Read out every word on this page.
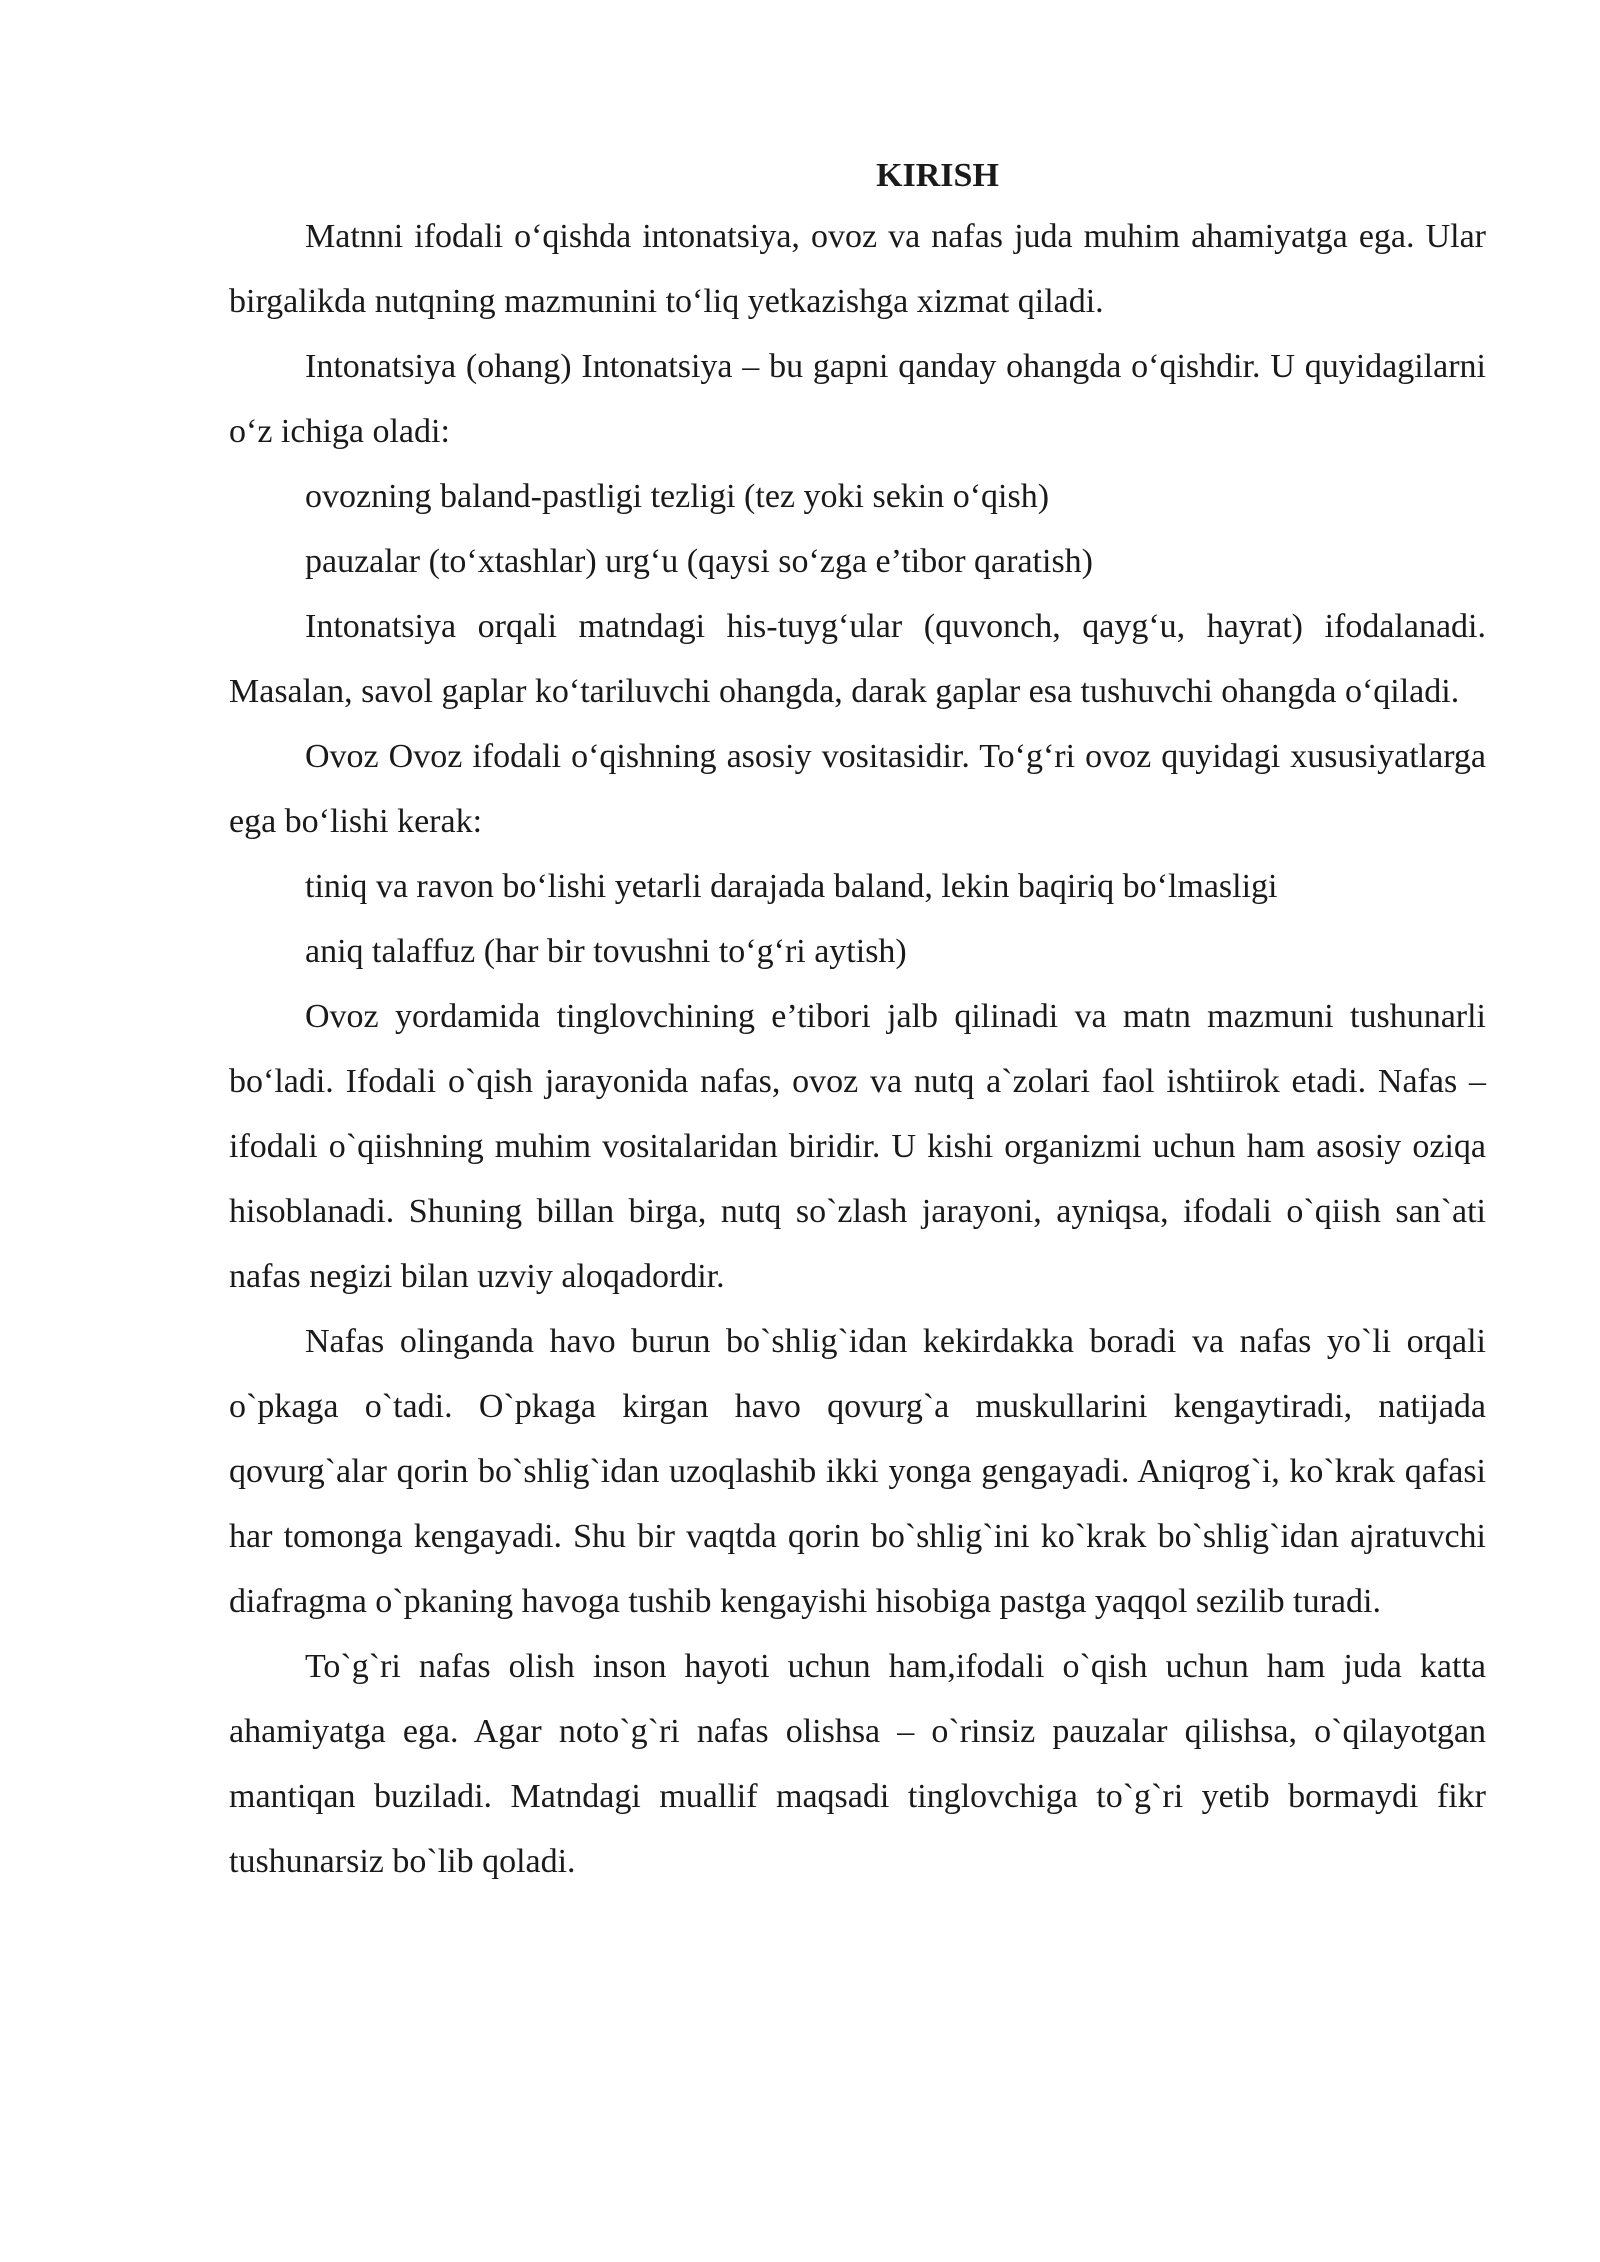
KIRISH

Matnni ifodali o‘qishda intonatsiya, ovoz va nafas juda muhim ahamiyatga ega. Ular birgalikda nutqning mazmunini to‘liq yetkazishga xizmat qiladi.

Intonatsiya (ohang) Intonatsiya – bu gapni qanday ohangda o‘qishdir. U quyidagilarni o‘z ichiga oladi:

ovozning baland-pastligi tezligi (tez yoki sekin o‘qish)

pauzalar (to‘xtashlar) urg‘u (qaysi so‘zga e’tibor qaratish)

Intonatsiya orqali matndagi his-tuyg‘ular (quvonch, qayg‘u, hayrat) ifodalanadi. Masalan, savol gaplar ko‘tariluvchi ohangda, darak gaplar esa tushuvchi ohangda o‘qiladi.

Ovoz Ovoz ifodali o‘qishning asosiy vositasidir. To‘g‘ri ovoz quyidagi xususiyatlarga ega bo‘lishi kerak:

tiniq va ravon bo‘lishi yetarli darajada baland, lekin baqiriq bo‘lmasligi

aniq talaffuz (har bir tovushni to‘g‘ri aytish)

Ovoz yordamida tinglovchining e’tibori jalb qilinadi va matn mazmuni tushunarli bo‘ladi. Ifodali o`qish jarayonida nafas, ovoz va nutq a`zolari faol ishtiirok etadi. Nafas – ifodali o`qiishning muhim vositalaridan biridir. U kishi organizmi uchun ham asosiy oziqa hisoblanadi. Shuning billan birga, nutq so`zlash jarayoni, ayniqsa, ifodali o`qiish san`ati nafas negizi bilan uzviy aloqadordir.

Nafas olinganda havo burun bo`shlig`idan kekirdakka boradi va nafas yo`li orqali o`pkaga o`tadi. O`pkaga kirgan havo qovurg`a muskullarini kengaytiradi, natijada qovurg`alar qorin bo`shlig`idan uzoqlashib ikki yonga gengayadi. Aniqrog`i, ko`krak qafasi har tomonga kengayadi. Shu bir vaqtda qorin bo`shlig`ini ko`krak bo`shlig`idan ajratuvchi diafragma o`pkaning havoga tushib kengayishi hisobiga pastga yaqqol sezilib turadi.

To`g`ri nafas olish inson hayoti uchun ham,ifodali o`qish uchun ham juda katta ahamiyatga ega. Agar noto`g`ri nafas olishsa – o`rinsiz pauzalar qilishsa, o`qilayotgan mantiqan buziladi. Matndagi muallif maqsadi tinglovchiga to`g`ri yetib bormaydi fikr tushunarsiz bo`lib qoladi.
